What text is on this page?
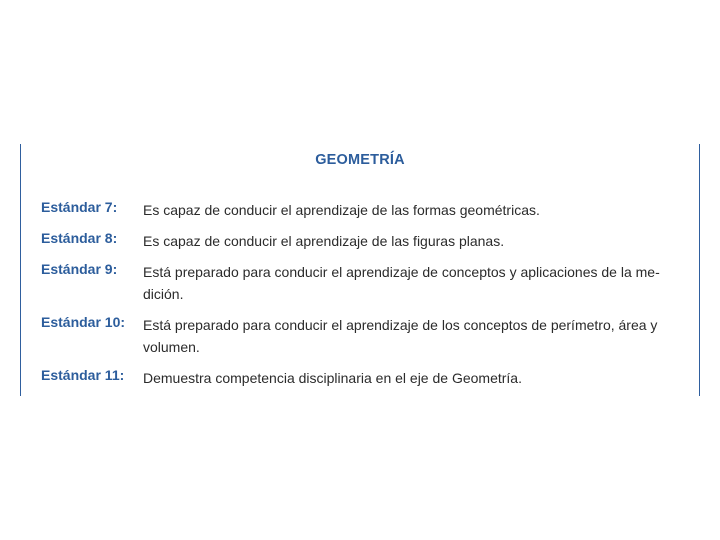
GEOMETRÍA
Estándar 7: Es capaz de conducir el aprendizaje de las formas geométricas.
Estándar 8: Es capaz de conducir el aprendizaje de las figuras planas.
Estándar 9: Está preparado para conducir el aprendizaje de conceptos y aplicaciones de la me-
dición.
Estándar 10: Está preparado para conducir el aprendizaje de los conceptos de perímetro, área y
volumen.
Estándar 11: Demuestra competencia disciplinaria en el eje de Geometría.
